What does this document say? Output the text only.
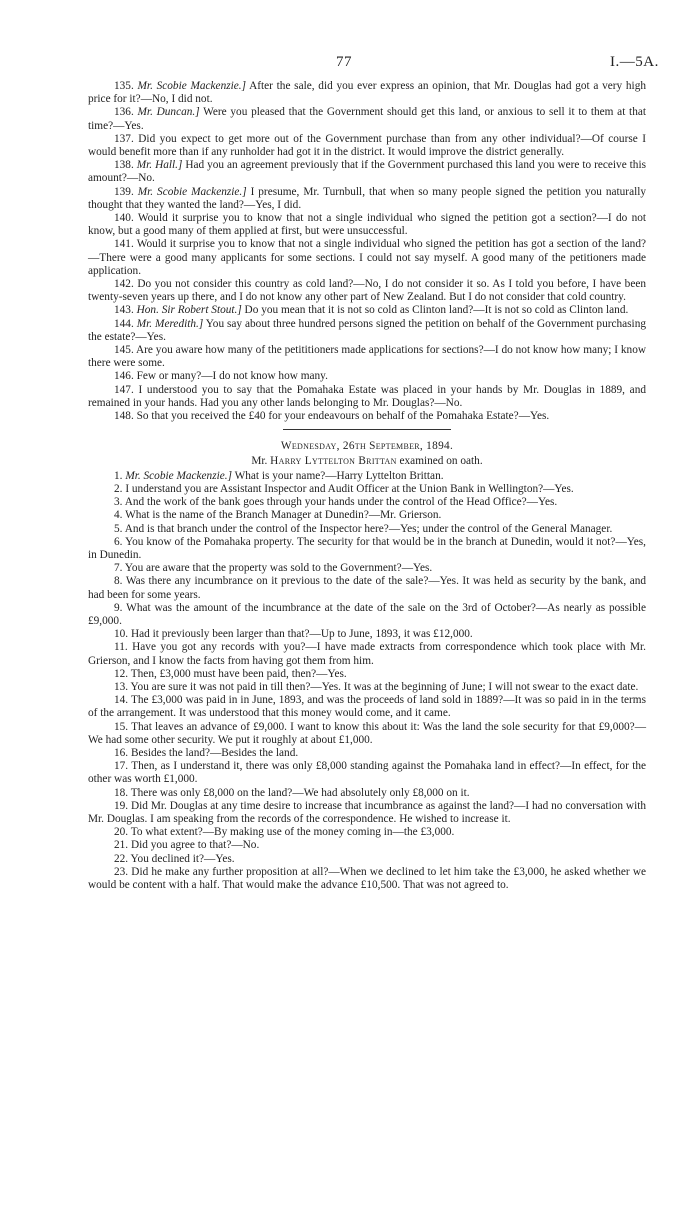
77	I.—5A.

135. Mr. Scobie Mackenzie.] After the sale, did you ever express an opinion, that Mr. Douglas had got a very high price for it?—No, I did not.

136. Mr. Duncan.] Were you pleased that the Government should get this land, or anxious to sell it to them at that time?—Yes.

137. Did you expect to get more out of the Government purchase than from any other individual?—Of course I would benefit more than if any runholder had got it in the district. It would improve the district generally.

138. Mr. Hall.] Had you an agreement previously that if the Government purchased this land you were to receive this amount?—No.

139. Mr. Scobie Mackenzie.] I presume, Mr. Turnbull, that when so many people signed the petition you naturally thought that they wanted the land?—Yes, I did.

140. Would it surprise you to know that not a single individual who signed the petition got a section?—I do not know, but a good many of them applied at first, but were unsuccessful.

141. Would it surprise you to know that not a single individual who signed the petition has got a section of the land?—There were a good many applicants for some sections. I could not say myself. A good many of the petitioners made application.

142. Do you not consider this country as cold land?—No, I do not consider it so. As I told you before, I have been twenty-seven years up there, and I do not know any other part of New Zealand. But I do not consider that cold country.

143. Hon. Sir Robert Stout.] Do you mean that it is not so cold as Clinton land?—It is not so cold as Clinton land.

144. Mr. Meredith.] You say about three hundred persons signed the petition on behalf of the Government purchasing the estate?—Yes.

145. Are you aware how many of the petititioners made applications for sections?—I do not know how many; I know there were some.

146. Few or many?—I do not know how many.

147. I understood you to say that the Pomahaka Estate was placed in your hands by Mr. Douglas in 1889, and remained in your hands. Had you any other lands belonging to Mr. Douglas?—No.

148. So that you received the £40 for your endeavours on behalf of the Pomahaka Estate?—Yes.

Wednesday, 26th September, 1894.

Mr. Harry Lyttelton Brittan examined on oath.

1. Mr. Scobie Mackenzie.] What is your name?—Harry Lyttelton Brittan.

2. I understand you are Assistant Inspector and Audit Officer at the Union Bank in Wellington?—Yes.

3. And the work of the bank goes through your hands under the control of the Head Office?—Yes.

4. What is the name of the Branch Manager at Dunedin?—Mr. Grierson.

5. And is that branch under the control of the Inspector here?—Yes; under the control of the General Manager.

6. You know of the Pomahaka property. The security for that would be in the branch at Dunedin, would it not?—Yes, in Dunedin.

7. You are aware that the property was sold to the Government?—Yes.

8. Was there any incumbrance on it previous to the date of the sale?—Yes. It was held as security by the bank, and had been for some years.

9. What was the amount of the incumbrance at the date of the sale on the 3rd of October?—As nearly as possible £9,000.

10. Had it previously been larger than that?—Up to June, 1893, it was £12,000.

11. Have you got any records with you?—I have made extracts from correspondence which took place with Mr. Grierson, and I know the facts from having got them from him.

12. Then, £3,000 must have been paid, then?—Yes.

13. You are sure it was not paid in till then?—Yes. It was at the beginning of June; I will not swear to the exact date.

14. The £3,000 was paid in in June, 1893, and was the proceeds of land sold in 1889?—It was so paid in in the terms of the arrangement. It was understood that this money would come, and it came.

15. That leaves an advance of £9,000. I want to know this about it: Was the land the sole security for that £9,000?—We had some other security. We put it roughly at about £1,000.

16. Besides the land?—Besides the land.

17. Then, as I understand it, there was only £8,000 standing against the Pomahaka land in effect?—In effect, for the other was worth £1,000.

18. There was only £8,000 on the land?—We had absolutely only £8,000 on it.

19. Did Mr. Douglas at any time desire to increase that incumbrance as against the land?—I had no conversation with Mr. Douglas. I am speaking from the records of the correspondence. He wished to increase it.

20. To what extent?—By making use of the money coming in—the £3,000.

21. Did you agree to that?—No.

22. You declined it?—Yes.

23. Did he make any further proposition at all?—When we declined to let him take the £3,000, he asked whether we would be content with a half. That would make the advance £10,500. That was not agreed to.
